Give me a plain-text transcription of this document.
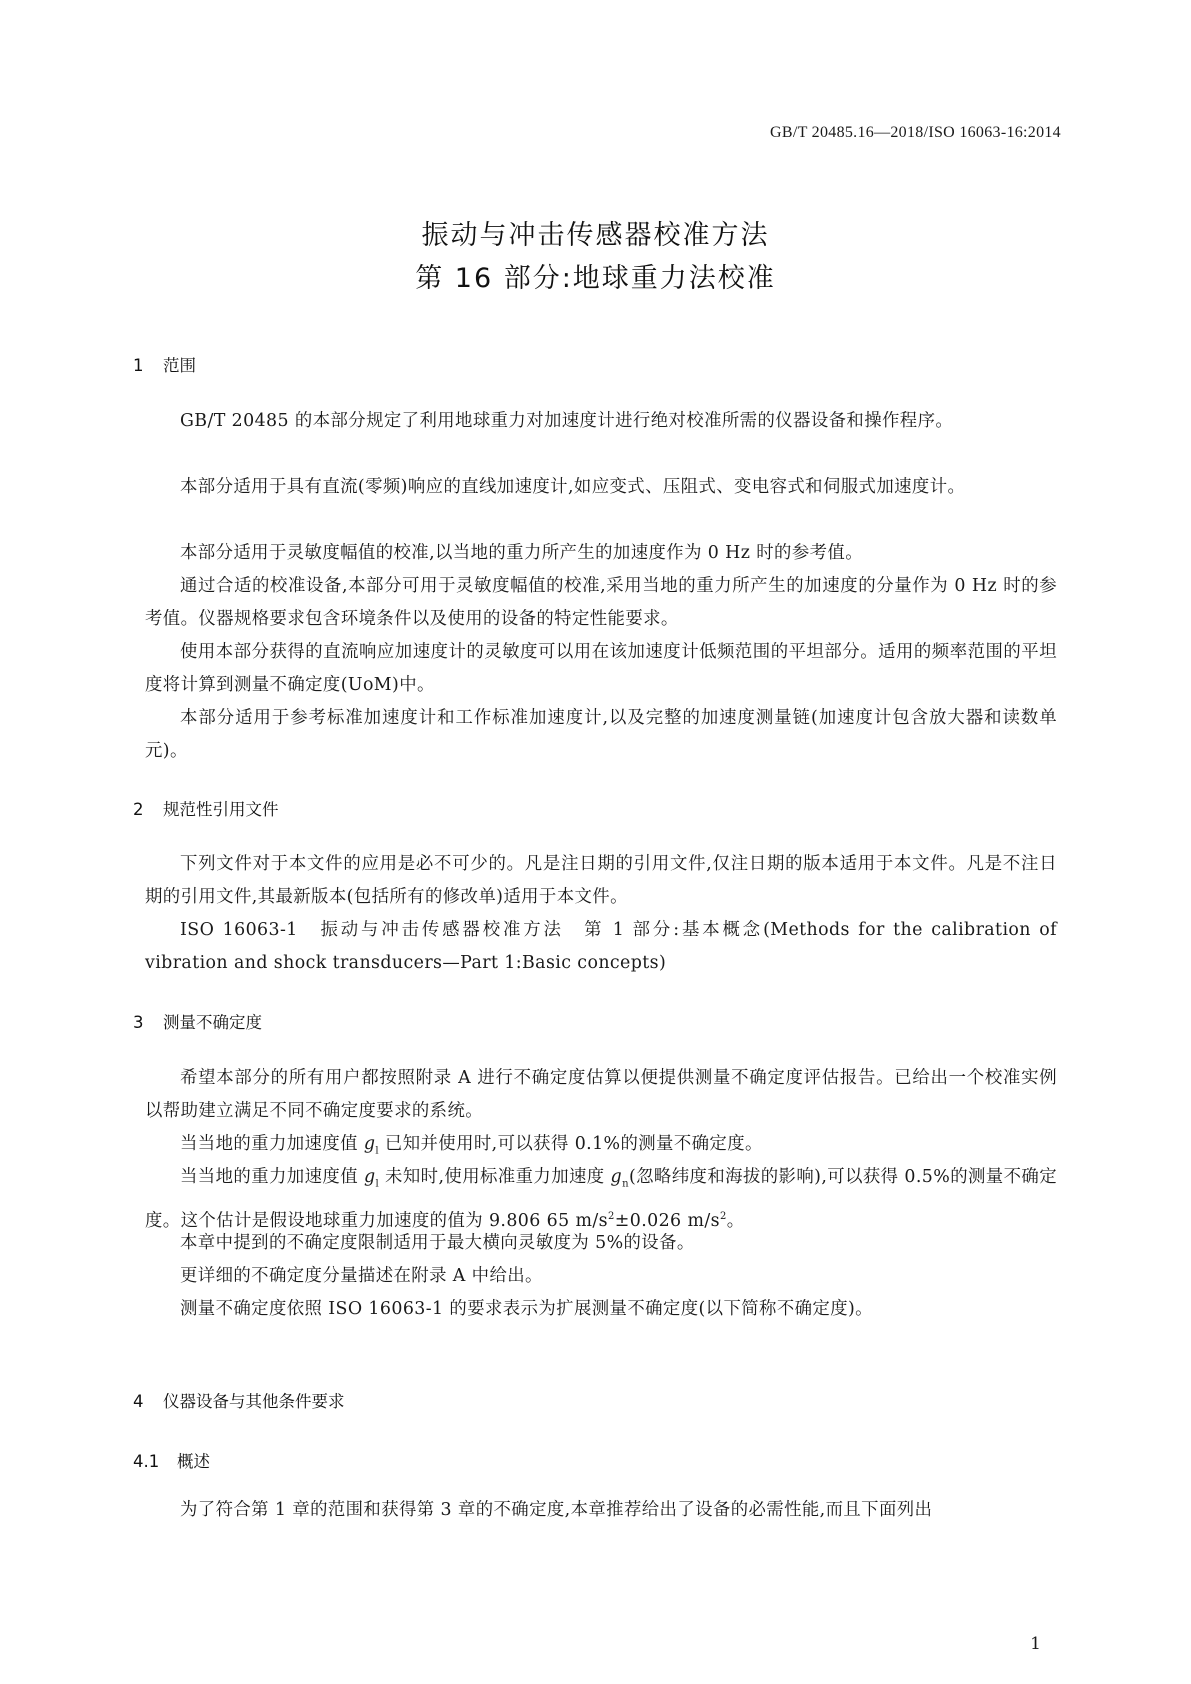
GB/T 20485.16—2018/ISO 16063-16:2014
振动与冲击传感器校准方法
第 16 部分:地球重力法校准
1 范围
GB/T 20485 的本部分规定了利用地球重力对加速度计进行绝对校准所需的仪器设备和操作程序。
本部分适用于具有直流(零频)响应的直线加速度计,如应变式、压阻式、变电容式和伺服式加速度计。
本部分适用于灵敏度幅值的校准,以当地的重力所产生的加速度作为 0 Hz 时的参考值。
通过合适的校准设备,本部分可用于灵敏度幅值的校准,采用当地的重力所产生的加速度的分量作为 0 Hz 时的参考值。仪器规格要求包含环境条件以及使用的设备的特定性能要求。
使用本部分获得的直流响应加速度计的灵敏度可以用在该加速度计低频范围的平坦部分。适用的频率范围的平坦度将计算到测量不确定度(UoM)中。
本部分适用于参考标准加速度计和工作标准加速度计,以及完整的加速度测量链(加速度计包含放大器和读数单元)。
2 规范性引用文件
下列文件对于本文件的应用是必不可少的。凡是注日期的引用文件,仅注日期的版本适用于本文件。凡是不注日期的引用文件,其最新版本(包括所有的修改单)适用于本文件。
ISO 16063-1　振动与冲击传感器校准方法　第 1 部分:基本概念(Methods for the calibration of vibration and shock transducers—Part 1:Basic concepts)
3 测量不确定度
希望本部分的所有用户都按照附录 A 进行不确定度估算以便提供测量不确定度评估报告。已给出一个校准实例以帮助建立满足不同不确定度要求的系统。
当当地的重力加速度值 $g_l$ 已知并使用时,可以获得 0.1%的测量不确定度。
当当地的重力加速度值 $g_l$ 未知时,使用标准重力加速度 $g_n$(忽略纬度和海拔的影响),可以获得 0.5%的测量不确定度。这个估计是假设地球重力加速度的值为 9.806 65 $m/s^2\pm 0.026$ $m/s^2$。
本章中提到的不确定度限制适用于最大横向灵敏度为 5%的设备。
更详细的不确定度分量描述在附录 A 中给出。
测量不确定度依照 ISO 16063-1 的要求表示为扩展测量不确定度(以下简称不确定度)。
4 仪器设备与其他条件要求
4.1 概述
为了符合第 1 章的范围和获得第 3 章的不确定度,本章推荐给出了设备的必需性能,而且下面列出
1
